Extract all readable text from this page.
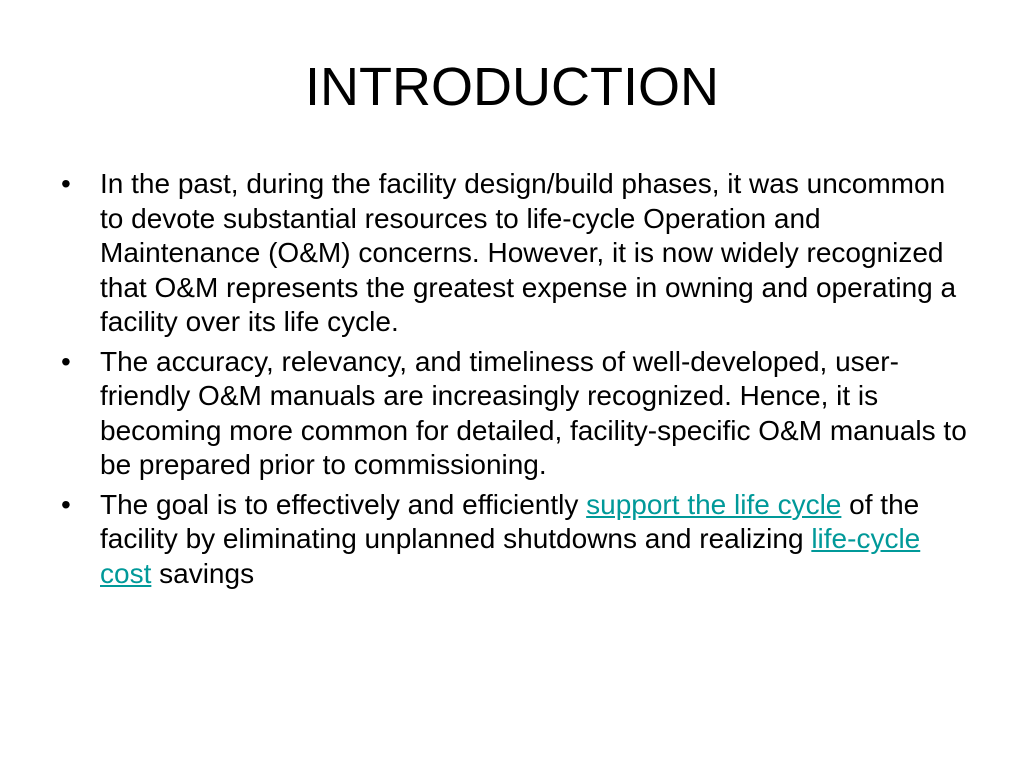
INTRODUCTION
•	In the past, during the facility design/build phases, it was uncommon to devote substantial resources to life-cycle Operation and Maintenance (O&M) concerns. However, it is now widely recognized that O&M represents the greatest expense in owning and operating a facility over its life cycle.
•	The accuracy, relevancy, and timeliness of well-developed, user-friendly O&M manuals are increasingly recognized. Hence, it is becoming more common for detailed, facility-specific O&M manuals to be prepared prior to commissioning.
•	The goal is to effectively and efficiently support the life cycle of the facility by eliminating unplanned shutdowns and realizing life-cycle cost savings
